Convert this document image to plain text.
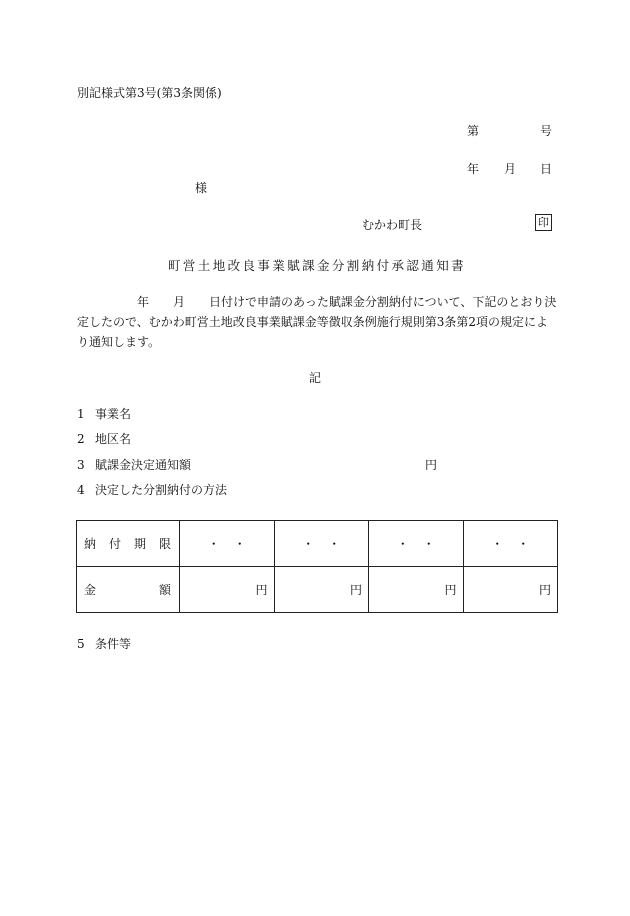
別記様式第3号(第3条関係)
第	号
年 月 日
様
むかわ町長	印
町営土地改良事業賦課金分割納付承認通知書
年 月 日付けで申請のあった賦課金分割納付について、下記のとおり決定したので、むかわ町営土地改良事業賦課金等徴収条例施行規則第3条第2項の規定により通知します。
記
1 事業名
2 地区名
3 賦課金決定通知額	円
4 決定した分割納付の方法
納 付 期 限	・・	・・	・・	・・

金 額	円	円	円	円
5 条件等
